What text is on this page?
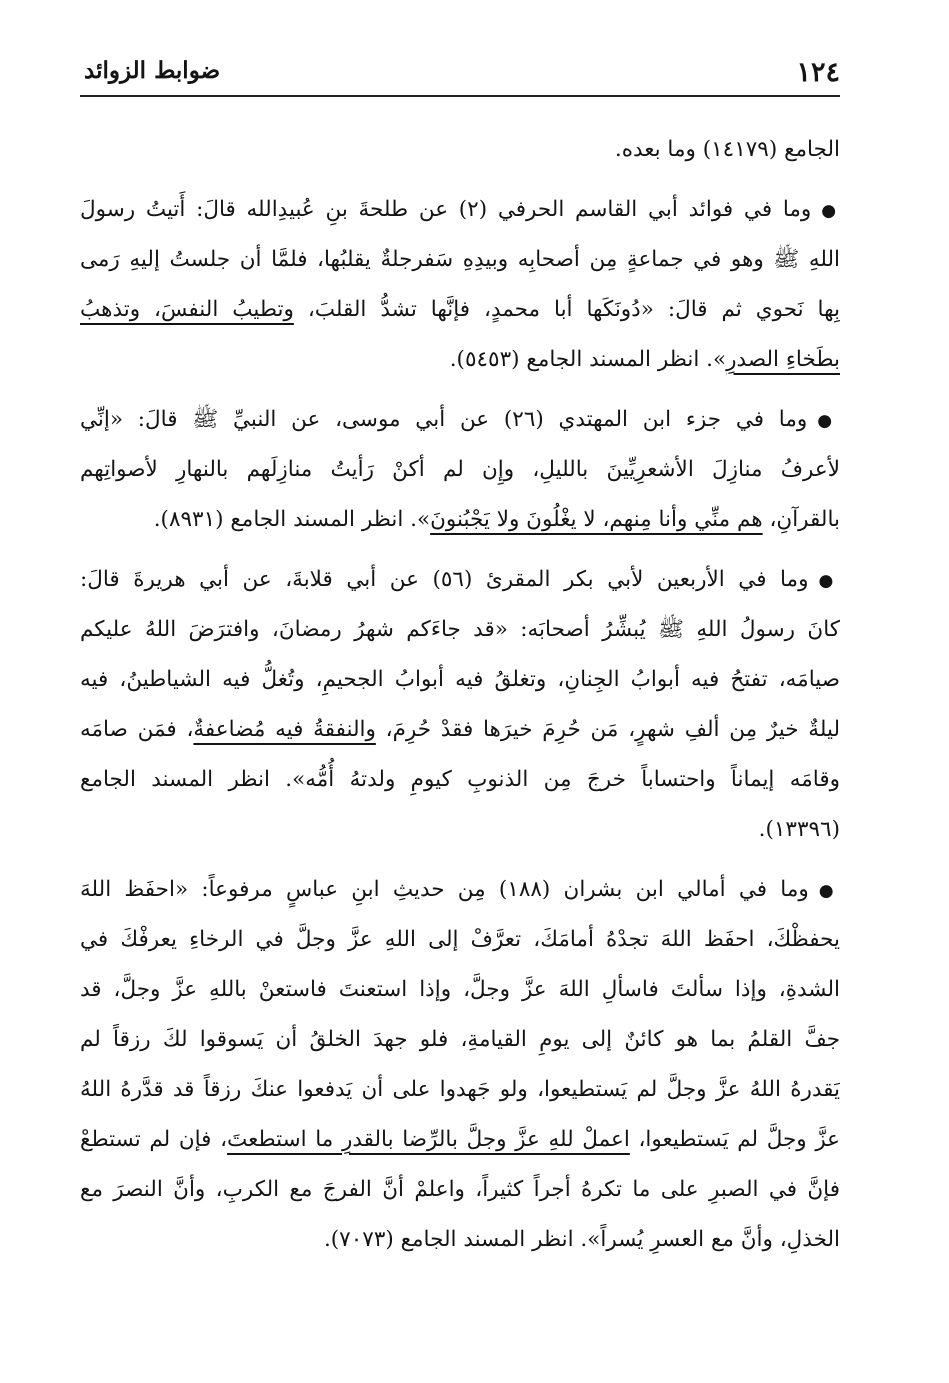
١٢٤
ضوابط الزوائد
الجامع (١٤١٧٩) وما بعده.
●وما في فوائد أبي القاسم الحرفي (٢) عن طلحةَ بنِ عُبيدِالله قالَ: أَتيتُ رسولَ
اللهِ ﷺ وهو في جماعةٍ مِن أصحابِه وبيدِهِ سَفرجلةٌ يقلبُها، فلمَّا أن جلستُ إليهِ رَمى
بِها نَحوي ثم قالَ: «دُونَكَها أبا محمدٍ، فإنَّها تشدُّ القلبَ، وتطيبُ النفسَ، وتذهبُ
بطَخاءِ الصدرِ». انظر المسند الجامع (٥٤٥٣).
●وما في جزء ابن المهتدي (٢٦) عن أبي موسى، عن النبيِّ ﷺ قالَ: «إنِّي
لأعرفُ منازِلَ الأشعرِيِّينَ بالليلِ، وإِن لم أكنْ رَأيتُ منازِلَهم بالنهارِ لأصواتِهم
بالقرآنِ، هم منِّي وأنا مِنهم، لا يغْلُونَ ولا يَجْبُنونَ». انظر المسند الجامع (٨٩٣١).
●وما في الأربعين لأبي بكر المقرئ (٥٦) عن أبي قلابةَ، عن أبي هريرةَ قالَ:
كانَ رسولُ اللهِ ﷺ يُبشِّرُ أصحابَه: «قد جاءَكم شهرُ رمضانَ، وافترَضَ اللهُ عليكم
صيامَه، تفتحُ فيه أبوابُ الجِنانِ، وتغلقُ فيه أبوابُ الجحيمِ، وتُغلُّ فيه الشياطينُ، فيه
ليلةٌ خيرٌ مِن ألفِ شهرٍ، مَن حُرِمَ خيرَها فقدْ حُرِمَ، والنفقةُ فيه مُضاعفةٌ، فمَن صامَه
وقامَه إيماناً واحتساباً خرجَ مِن الذنوبِ كيومِ ولدتهُ أُمُّه». انظر المسند الجامع
(١٣٣٩٦).
●وما في أمالي ابن بشران (١٨٨) مِن حديثِ ابنِ عباسٍ مرفوعاً: «احفَظ اللهَ
يحفظْكَ، احفَظ اللهَ تجدْهُ أمامَكَ، تعرَّفْ إلى اللهِ عزَّ وجلَّ في الرخاءِ يعرفْكَ في
الشدةِ، وإذا سألتَ فاسألِ اللهَ عزَّ وجلَّ، وإذا استعنتَ فاستعنْ باللهِ عزَّ وجلَّ، قد
جفَّ القلمُ بما هو كائنٌ إلى يومِ القيامةِ، فلو جهدَ الخلقُ أن يَسوقوا لكَ رزقاً لم
يَقدرهُ اللهُ عزَّ وجلَّ لم يَستطيعوا، ولو جَهدوا على أن يَدفعوا عنكَ رزقاً قد قدَّرهُ اللهُ
عزَّ وجلَّ لم يَستطيعوا، اعملْ للهِ عزَّ وجلَّ بالرِّضا بالقدرِ ما استطعتَ، فإن لم تستطعْ
فإنَّ في الصبرِ على ما تكرهُ أجراً كثيراً، واعلمْ أنَّ الفرجَ مع الكربِ، وأنَّ النصرَ مع
الخذلِ، وأنَّ مع العسرِ يُسراً». انظر المسند الجامع (٧٠٧٣).
